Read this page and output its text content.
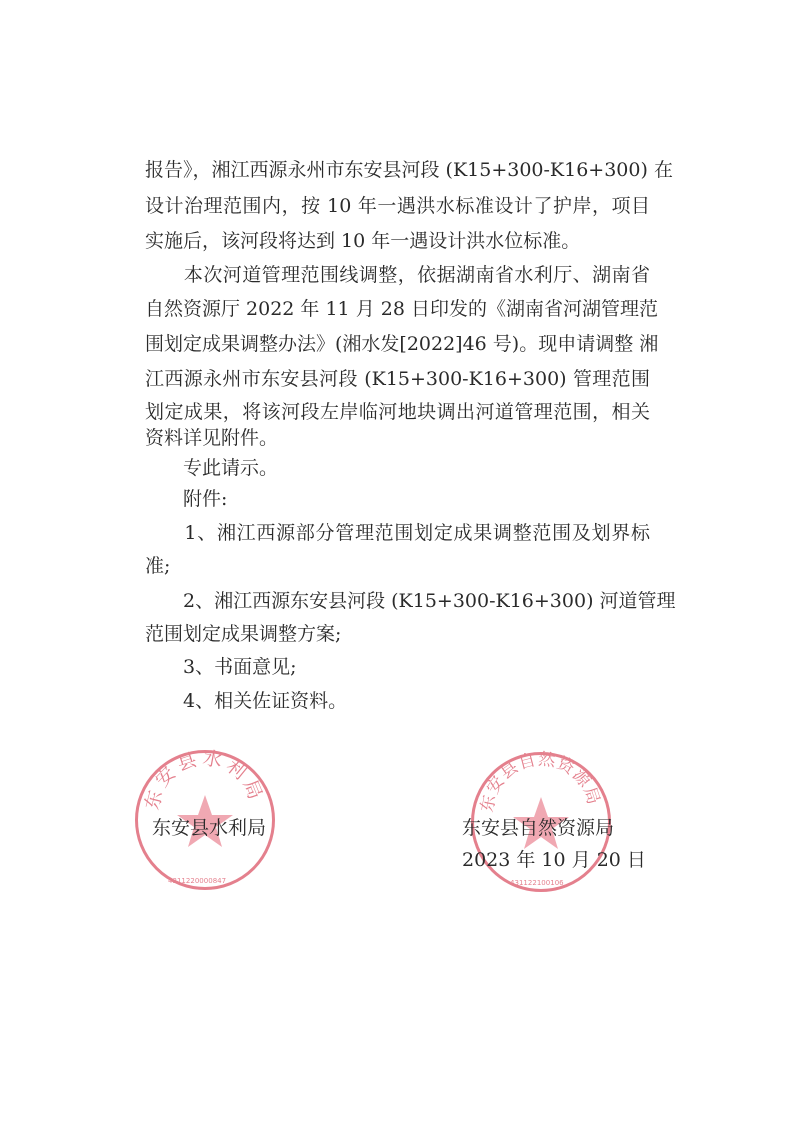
报告》，湘江西源永州市东安县河段 (K15+300-K16+300) 在
设计治理范围内，按 10 年一遇洪水标准设计了护岸，项目
实施后，该河段将达到 10 年一遇设计洪水位标准。
　　本次河道管理范围线调整，依据湖南省水利厅、湖南省
自然资源厅 2022 年 11 月 28 日印发的《湖南省河湖管理范
围划定成果调整办法》(湘水发[2022]46 号)。现申请调整 湘
江西源永州市东安县河段 (K15+300-K16+300) 管理范围
划定成果，将该河段左岸临河地块调出河道管理范围，相关
资料详见附件。
　　专此请示。
　　附件:
　　1、湘江西源部分管理范围划定成果调整范围及划界标
准;
　　2、湘江西源东安县河段 (K15+300-K16+300) 河道管理
范围划定成果调整方案;
　　3、书面意见;
　　4、相关佐证资料。
东安县水利局
4311220000847
东安县自然资源局
431122100106
东安县水利局	东安县自然资源局
2023 年 10 月 20 日
